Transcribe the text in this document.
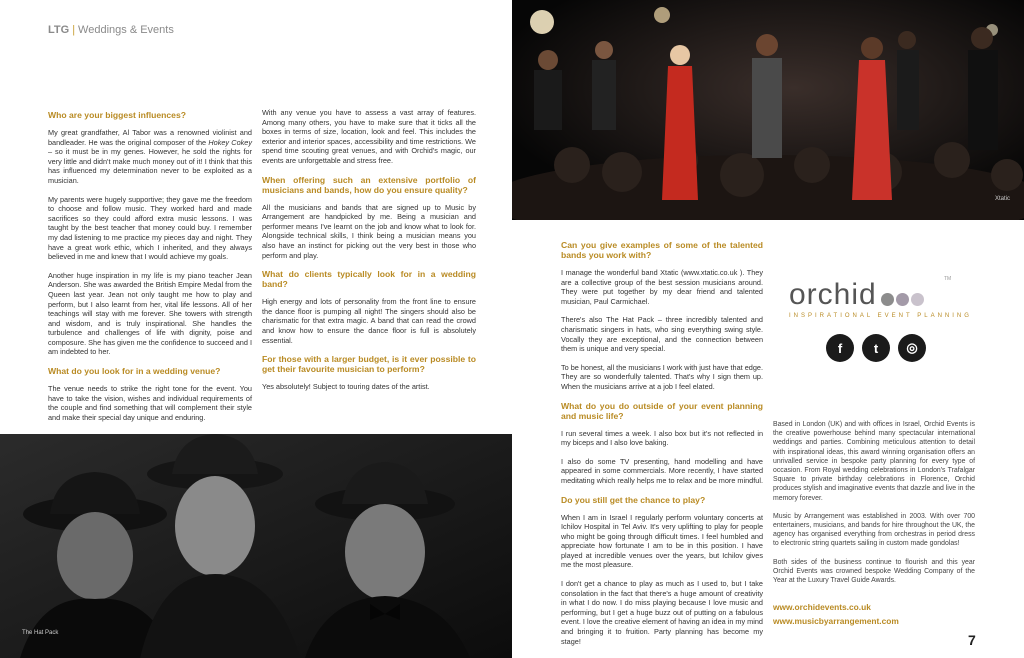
LTG | Weddings & Events
Who are your biggest influences?

My great grandfather, Al Tabor was a renowned violinist and bandleader. He was the original composer of the Hokey Cokey – so it must be in my genes. However, he sold the rights for very little and didn't make much money out of it! I think that this has influenced my determination never to be exploited as a musician.

My parents were hugely supportive; they gave me the freedom to choose and follow music. They worked hard and made sacrifices so they could afford extra music lessons. I was taught by the best teacher that money could buy. I remember my dad listening to me practice my pieces day and night. They have a great work ethic, which I inherited, and they always believed in me and knew that I would achieve my goals.

Another huge inspiration in my life is my piano teacher Jean Anderson. She was awarded the British Empire Medal from the Queen last year. Jean not only taught me how to play and perform, but I also learnt from her, vital life lessons. All of her teachings will stay with me forever. She towers with strength and wisdom, and is truly inspirational. She handles the turbulence and challenges of life with dignity, poise and composure. She has given me the confidence to succeed and I am indebted to her.

What do you look for in a wedding venue?

The venue needs to strike the right tone for the event. You have to take the vision, wishes and individual requirements of the couple and find something that will complement their style and make their special day unique and enduring.

With any venue you have to assess a vast array of features. Among many others, you have to make sure that it ticks all the boxes in terms of size, location, look and feel. This includes the exterior and interior spaces, accessibility and time restrictions. We spend time scouting great venues, and with Orchid's magic, our events are unforgettable and stress free.

When offering such an extensive portfolio of musicians and bands, how do you ensure quality?

All the musicians and bands that are signed up to Music by Arrangement are handpicked by me. Being a musician and performer means I've learnt on the job and know what to look for. Alongside technical skills, I think being a musician means you also have an instinct for picking out the very best in those who perform and play.

What do clients typically look for in a wedding band?

High energy and lots of personality from the front line to ensure the dance floor is pumping all night! The singers should also be charismatic for that extra magic. A band that can read the crowd and know how to ensure the dance floor is full is absolutely essential.

For those with a larger budget, is it ever possible to get their favourite musician to perform?

Yes absolutely! Subject to touring dates of the artist.

Xtatic
Can you give examples of some of the talented bands you work with?

I manage the wonderful band Xtatic (www.xtatic.co.uk ). They are a collective group of the best session musicians around. They were put together by my dear friend and talented musician, Paul Carmichael.

There's also The Hat Pack – three incredibly talented and charismatic singers in hats, who sing everything swing style. Vocally they are exceptional, and the connection between them is unique and very special.

To be honest, all the musicians I work with just have that edge. They are so wonderfully talented. That's why I sign them up. When the musicians arrive at a job I feel elated.

What do you do outside of your event planning and music life?

I run several times a week. I also box but it's not reflected in my biceps and I also love baking.

I also do some TV presenting, hand modelling and have appeared in some commercials. More recently, I have started meditating which really helps me to relax and be more mindful.

Do you still get the chance to play?

When I am in Israel I regularly perform voluntary concerts at Ichilov Hospital in Tel Aviv. It's very uplifting to play for people who might be going through difficult times. I feel humbled and appreciate how fortunate I am to be in this position. I have played at incredible venues over the years, but Ichilov gives me the most pleasure.

I don't get a chance to play as much as I used to, but I take consolation in the fact that there's a huge amount of creativity in what I do now. I do miss playing because I love music and performing, but I get a huge buzz out of putting on a fabulous event. I love the creative element of having an idea in my mind and bringing it to fruition. Party planning has become my stage!

orchid	TM
INSPIRATIONAL EVENT PLANNING
f	t	◎

Based in London (UK) and with offices in Israel, Orchid Events is the creative powerhouse behind many spectacular international weddings and parties. Combining meticulous attention to detail with inspirational ideas, this award winning organisation offers an unrivalled service in bespoke party planning for every type of occasion. From Royal wedding celebrations in London's Trafalgar Square to private birthday celebrations in Florence, Orchid produces stylish and imaginative events that dazzle and live in the memory forever.

Music by Arrangement was established in 2003. With over 700 entertainers, musicians, and bands for hire throughout the UK, the agency has organised everything from orchestras in period dress to electronic string quartets sailing in custom made gondolas!

Both sides of the business continue to flourish and this year Orchid Events was crowned bespoke Wedding Company of the Year at the Luxury Travel Guide Awards.

www.orchidevents.co.uk
www.musicbyarrangement.com
The Hat Pack	7
